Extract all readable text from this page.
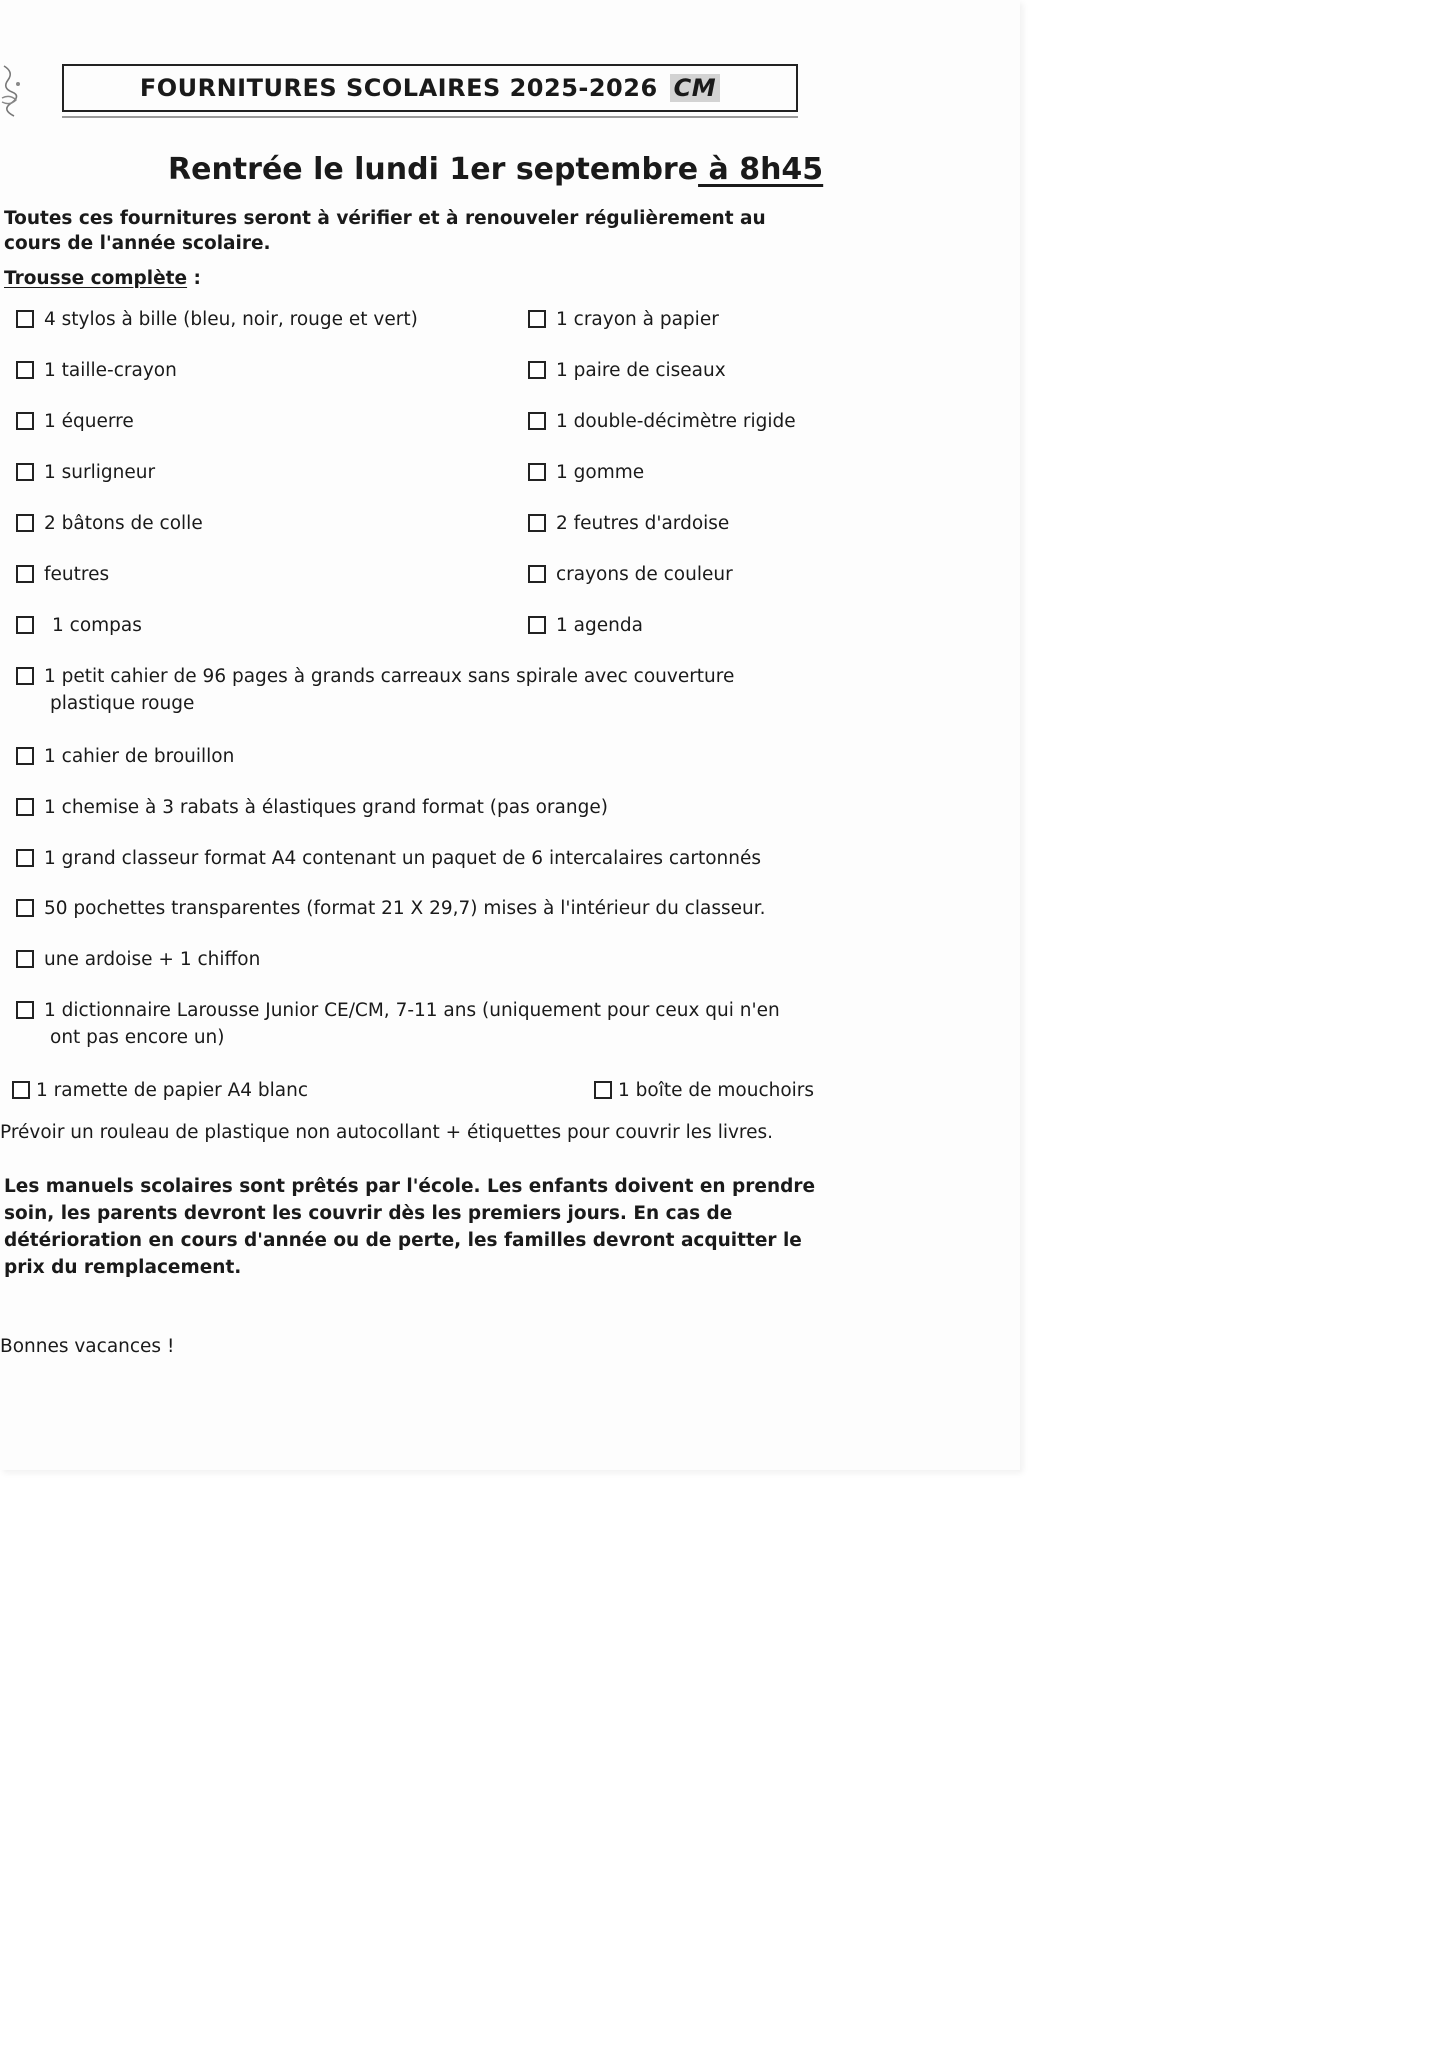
FOURNITURES SCOLAIRES 2025-2026 CM
Rentrée le lundi 1er septembre à 8h45
Toutes ces fournitures seront à vérifier et à renouveler régulièrement au cours de l'année scolaire.
Trousse complète :
4 stylos à bille (bleu, noir, rouge et vert)
1 taille-crayon
1 équerre
1 surligneur
2 bâtons de colle
feutres
1 compas
1 crayon à papier
1 paire de ciseaux
1 double-décimètre rigide
1 gomme
2 feutres d'ardoise
crayons de couleur
1 agenda
1 petit cahier de 96 pages à grands carreaux sans spirale avec couverture
plastique rouge
1 cahier de brouillon
1 chemise à 3 rabats à élastiques grand format (pas orange)
1 grand classeur format A4 contenant un paquet de 6 intercalaires cartonnés
50 pochettes transparentes (format 21 X 29,7) mises à l'intérieur du classeur.
une ardoise + 1 chiffon
1 dictionnaire Larousse Junior CE/CM, 7-11 ans (uniquement pour ceux qui n'en
ont pas encore un)
1 ramette de papier A4 blanc	1 boîte de mouchoirs
Prévoir un rouleau de plastique non autocollant + étiquettes pour couvrir les livres.
Les manuels scolaires sont prêtés par l'école. Les enfants doivent en prendre soin, les parents devront les couvrir dès les premiers jours. En cas de détérioration en cours d'année ou de perte, les familles devront acquitter le prix du remplacement.
Bonnes vacances !
